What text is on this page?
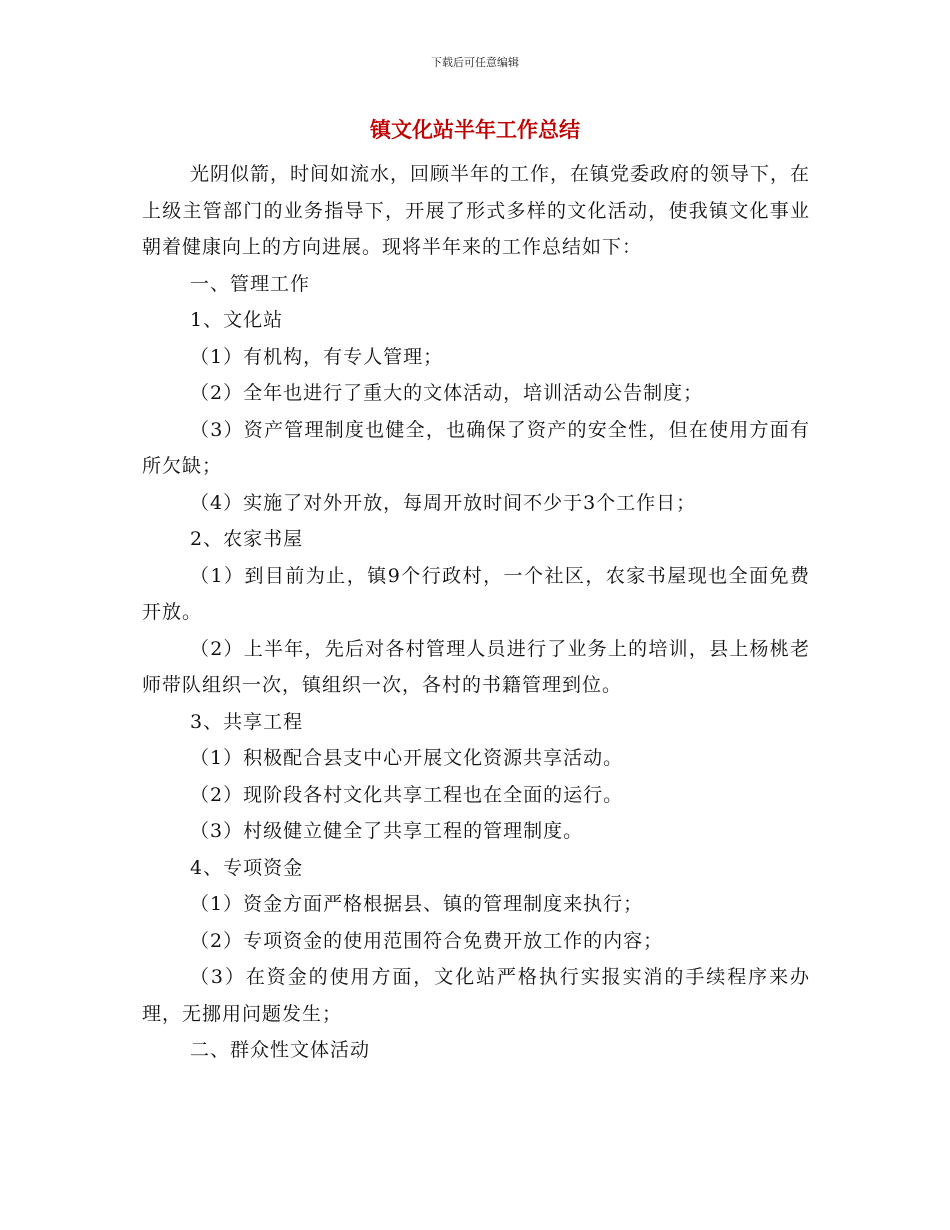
下载后可任意编辑
镇文化站半年工作总结

光阴似箭，时间如流水，回顾半年的工作，在镇党委政府的领导下，在上级主管部门的业务指导下，开展了形式多样的文化活动，使我镇文化事业朝着健康向上的方向进展。现将半年来的工作总结如下：

一、管理工作

1、文化站

（1）有机构，有专人管理；

（2）全年也进行了重大的文体活动，培训活动公告制度；

（3）资产管理制度也健全，也确保了资产的安全性，但在使用方面有所欠缺；

（4）实施了对外开放，每周开放时间不少于3个工作日；

2、农家书屋

（1）到目前为止，镇9个行政村，一个社区，农家书屋现也全面免费开放。

（2）上半年，先后对各村管理人员进行了业务上的培训，县上杨桃老师带队组织一次，镇组织一次，各村的书籍管理到位。

3、共享工程

（1）积极配合县支中心开展文化资源共享活动。

（2）现阶段各村文化共享工程也在全面的运行。

（3）村级健立健全了共享工程的管理制度。

4、专项资金

（1）资金方面严格根据县、镇的管理制度来执行；

（2）专项资金的使用范围符合免费开放工作的内容；

（3）在资金的使用方面，文化站严格执行实报实消的手续程序来办理，无挪用问题发生；

二、群众性文体活动
